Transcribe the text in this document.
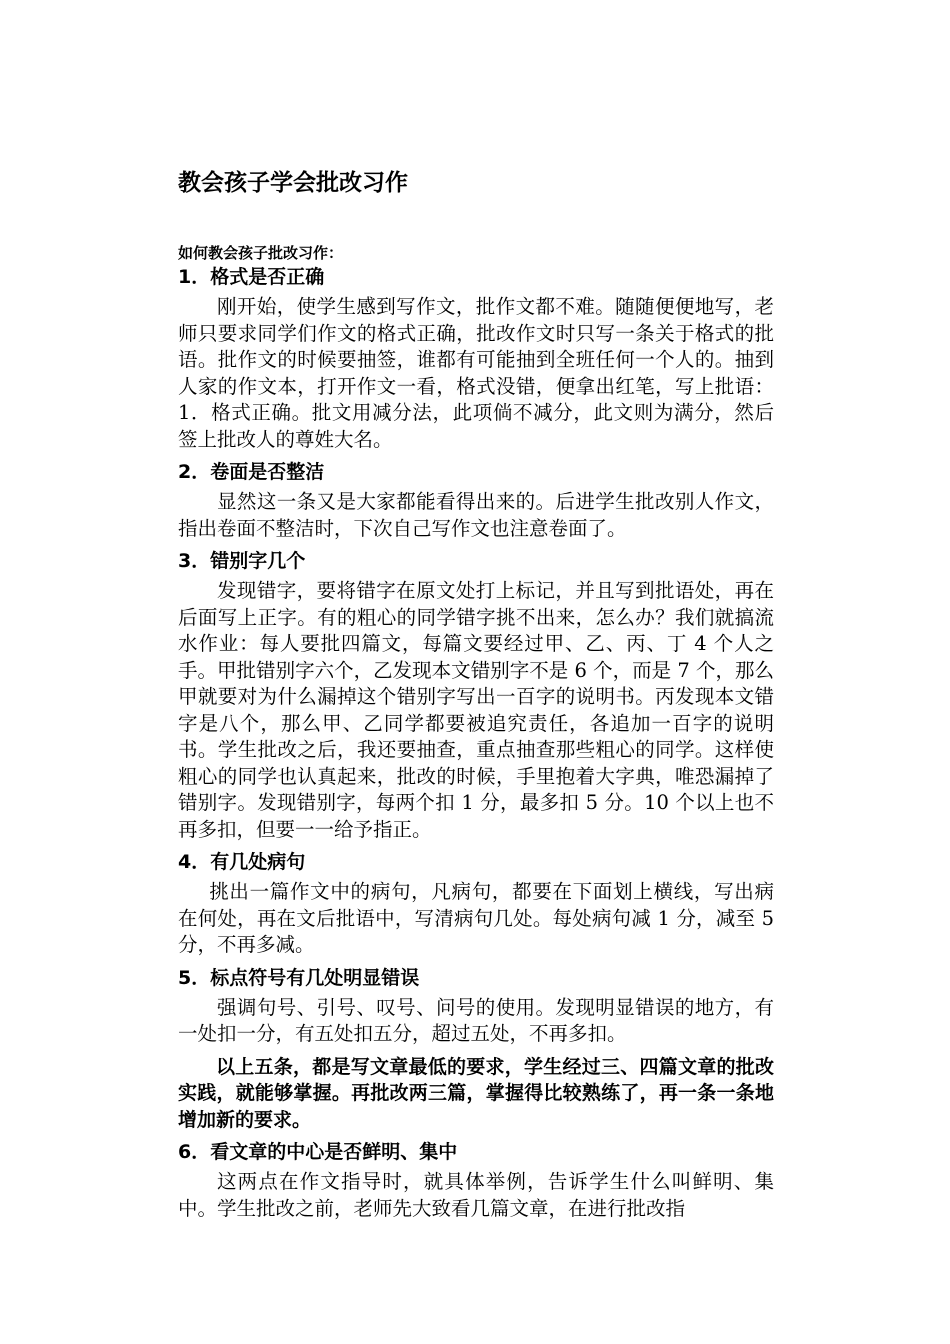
教会孩子学会批改习作

如何教会孩子批改习作：

1．格式是否正确

刚开始，使学生感到写作文，批作文都不难。随随便便地写，老师只要求同学们作文的格式正确，批改作文时只写一条关于格式的批语。批作文的时候要抽签，谁都有可能抽到全班任何一个人的。抽到人家的作文本，打开作文一看，格式没错，便拿出红笔，写上批语：1．格式正确。批文用减分法，此项倘不减分，此文则为满分，然后签上批改人的尊姓大名。

2．卷面是否整洁

显然这一条又是大家都能看得出来的。后进学生批改别人作文，指出卷面不整洁时，下次自己写作文也注意卷面了。

3．错别字几个

发现错字，要将错字在原文处打上标记，并且写到批语处，再在后面写上正字。有的粗心的同学错字挑不出来，怎么办？我们就搞流水作业：每人要批四篇文，每篇文要经过甲、乙、丙、丁 4 个人之手。甲批错别字六个，乙发现本文错别字不是 6 个，而是 7 个，那么甲就要对为什么漏掉这个错别字写出一百字的说明书。丙发现本文错字是八个，那么甲、乙同学都要被追究责任，各追加一百字的说明书。学生批改之后，我还要抽查，重点抽查那些粗心的同学。这样使粗心的同学也认真起来，批改的时候，手里抱着大字典，唯恐漏掉了错别字。发现错别字，每两个扣 1 分，最多扣 5 分。10 个以上也不再多扣，但要一一给予指正。

4．有几处病句

挑出一篇作文中的病句，凡病句，都要在下面划上横线，写出病在何处，再在文后批语中，写清病句几处。每处病句减 1 分，减至 5 分，不再多减。

5．标点符号有几处明显错误

强调句号、引号、叹号、问号的使用。发现明显错误的地方，有一处扣一分，有五处扣五分，超过五处，不再多扣。

以上五条，都是写文章最低的要求，学生经过三、四篇文章的批改实践，就能够掌握。再批改两三篇，掌握得比较熟练了，再一条一条地增加新的要求。

6．看文章的中心是否鲜明、集中

这两点在作文指导时，就具体举例，告诉学生什么叫鲜明、集中。学生批改之前，老师先大致看几篇文章，在进行批改指
